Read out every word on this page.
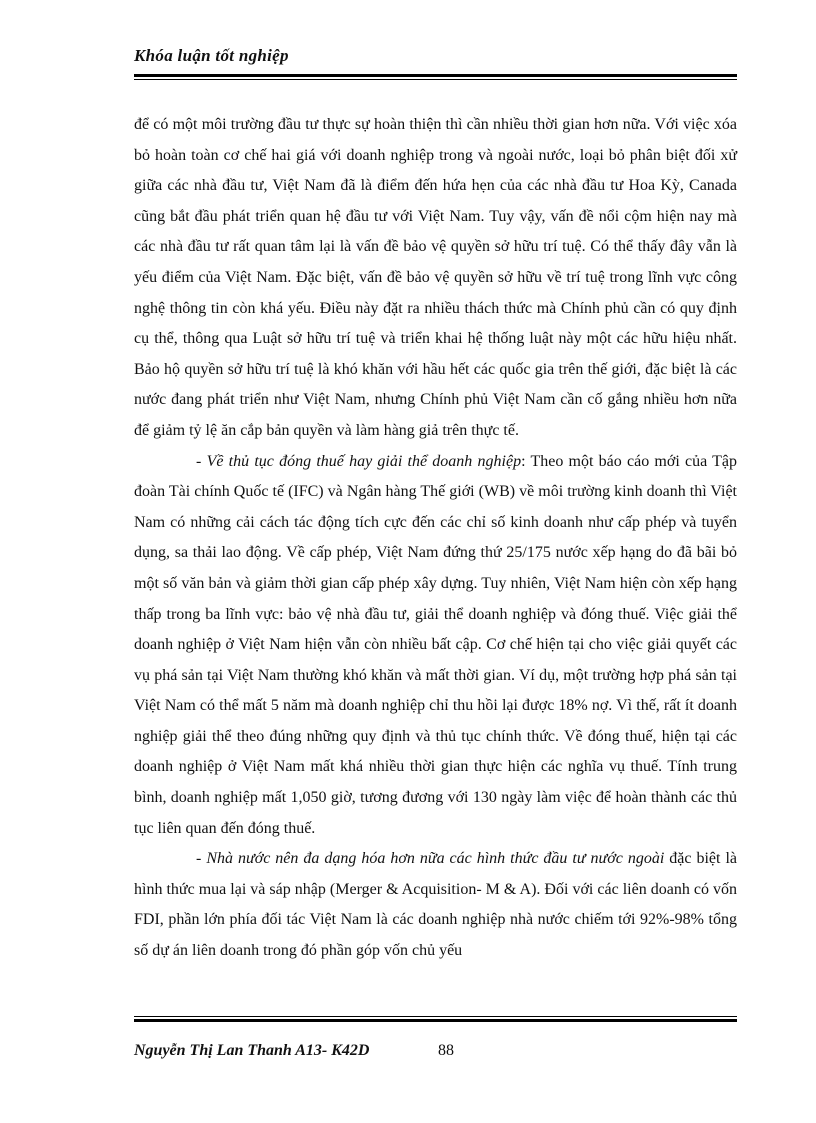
Khóa luận tốt nghiệp

để có một môi trường đầu tư thực sự hoàn thiện thì cần nhiều thời gian hơn nữa. Với việc xóa bỏ hoàn toàn cơ chế hai giá với doanh nghiệp trong và ngoài nước, loại bỏ phân biệt đối xử giữa các nhà đầu tư, Việt Nam đã là điểm đến hứa hẹn của các nhà đầu tư Hoa Kỳ, Canada cũng bắt đầu phát triển quan hệ đầu tư với Việt Nam. Tuy vậy, vấn đề nổi cộm hiện nay mà các nhà đầu tư rất quan tâm lại là vấn đề bảo vệ quyền sở hữu trí tuệ. Có thể thấy đây vẫn là yếu điểm của Việt Nam. Đặc biệt, vấn đề bảo vệ quyền sở hữu về trí tuệ trong lĩnh vực công nghệ thông tin còn khá yếu. Điều này đặt ra nhiều thách thức mà Chính phủ cần có quy định cụ thể, thông qua Luật sở hữu trí tuệ và triển khai hệ thống luật này một các hữu hiệu nhất. Bảo hộ quyền sở hữu trí tuệ là khó khăn với hầu hết các quốc gia trên thế giới, đặc biệt là các nước đang phát triển như Việt Nam, nhưng Chính phủ Việt Nam cần cố gắng nhiều hơn nữa để giảm tỷ lệ ăn cắp bản quyền và làm hàng giả trên thực tế.

- Về thủ tục đóng thuế hay giải thể doanh nghiệp: Theo một báo cáo mới của Tập đoàn Tài chính Quốc tế (IFC) và Ngân hàng Thế giới (WB) về môi trường kinh doanh thì Việt Nam có những cải cách tác động tích cực đến các chỉ số kinh doanh như cấp phép và tuyển dụng, sa thải lao động. Về cấp phép, Việt Nam đứng thứ 25/175 nước xếp hạng do đã bãi bỏ một số văn bản và giảm thời gian cấp phép xây dựng. Tuy nhiên, Việt Nam hiện còn xếp hạng thấp trong ba lĩnh vực: bảo vệ nhà đầu tư, giải thể doanh nghiệp và đóng thuế. Việc giải thể doanh nghiệp ở Việt Nam hiện vẫn còn nhiều bất cập. Cơ chế hiện tại cho việc giải quyết các vụ phá sản tại Việt Nam thường khó khăn và mất thời gian. Ví dụ, một trường hợp phá sản tại Việt Nam có thể mất 5 năm mà doanh nghiệp chỉ thu hồi lại được 18% nợ. Vì thế, rất ít doanh nghiệp giải thể theo đúng những quy định và thủ tục chính thức. Về đóng thuế, hiện tại các doanh nghiệp ở Việt Nam mất khá nhiều thời gian thực hiện các nghĩa vụ thuế. Tính trung bình, doanh nghiệp mất 1,050 giờ, tương đương với 130 ngày làm việc để hoàn thành các thủ tục liên quan đến đóng thuế.

- Nhà nước nên đa dạng hóa hơn nữa các hình thức đầu tư nước ngoài đặc biệt là hình thức mua lại và sáp nhập (Merger & Acquisition- M & A). Đối với các liên doanh có vốn FDI, phần lớn phía đối tác Việt Nam là các doanh nghiệp nhà nước chiếm tới 92%-98% tổng số dự án liên doanh trong đó phần góp vốn chủ yếu

Nguyễn Thị Lan Thanh A13- K42D	88
